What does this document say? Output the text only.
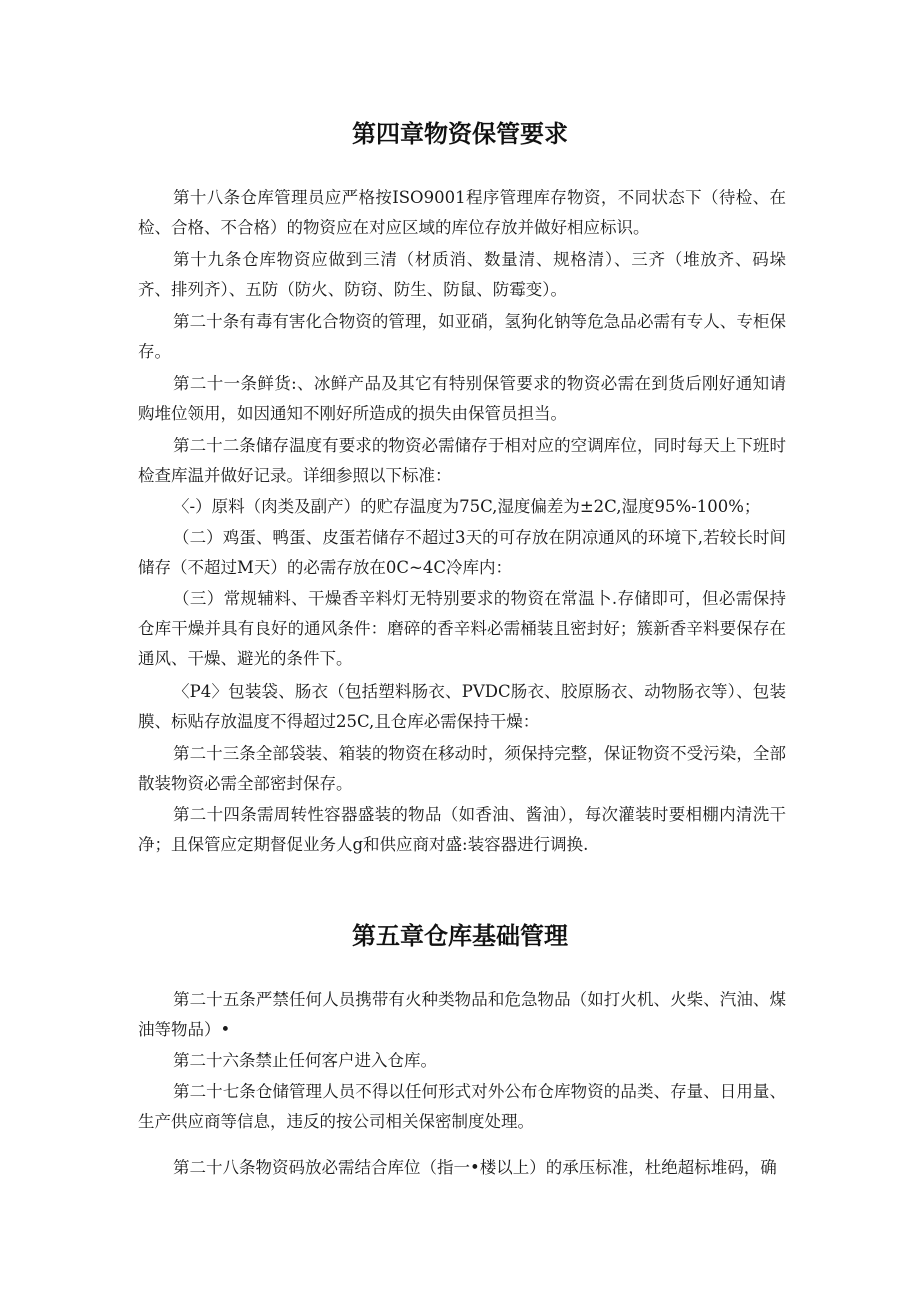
第四章物资保管要求

第十八条仓库管理员应严格按ISO9001程序管理库存物资，不同状态下（待检、在检、合格、不合格）的物资应在对应区域的库位存放并做好相应标识。

第十九条仓库物资应做到三清（材质消、数量清、规格清）、三齐（堆放齐、码垛齐、排列齐）、五防（防火、防窃、防生、防鼠、防霉变）。

第二十条有毒有害化合物资的管理，如亚硝，氢狗化钠等危急品必需有专人、专柜保存。

第二十一条鲜货:、冰鲜产品及其它有特别保管要求的物资必需在到货后刚好通知请购堆位领用，如因通知不刚好所造成的损失由保管员担当。

第二十二条储存温度有要求的物资必需储存于相对应的空调库位，同时每天上下班时检查库温并做好记录。详细参照以下标准：

〈-）原料（肉类及副产）的贮存温度为75C,湿度偏差为±2C,湿度95%-100%；

（二）鸡蛋、鸭蛋、皮蛋若储存不超过3天的可存放在阴凉通风的环境下,若较长时间储存（不超过M天）的必需存放在0C~4C冷库内：

（三）常规辅料、干燥香辛料灯无特别要求的物资在常温卜.存储即可，但必需保持仓库干燥并具有良好的通风条件：磨碎的香辛料必需桶装且密封好；簇新香辛料要保存在通风、干燥、避光的条件下。

〈P4〉包装袋、肠衣（包括塑料肠衣、PVDC肠衣、胶原肠衣、动物肠衣等）、包装膜、标贴存放温度不得超过25C,且仓库必需保持干燥：

第二十三条全部袋装、箱装的物资在移动时，须保持完整，保证物资不受污染，全部散装物资必需全部密封保存。

第二十四条需周转性容器盛装的物品（如香油、酱油），每次灌装时要相棚内清洗干净；且保管应定期督促业务人g和供应商对盛:装容器进行调换.

第五章仓库基础管理

第二十五条严禁任何人员携带有火种类物品和危急物品（如打火机、火柴、汽油、煤油等物品）•

第二十六条禁止任何客户进入仓库。

第二十七条仓储管理人员不得以任何形式对外公布仓库物资的品类、存量、日用量、生产供应商等信息，违反的按公司相关保密制度处理。

第二十八条物资码放必需结合库位（指一•楼以上）的承压标准，杜绝超标堆码，确
